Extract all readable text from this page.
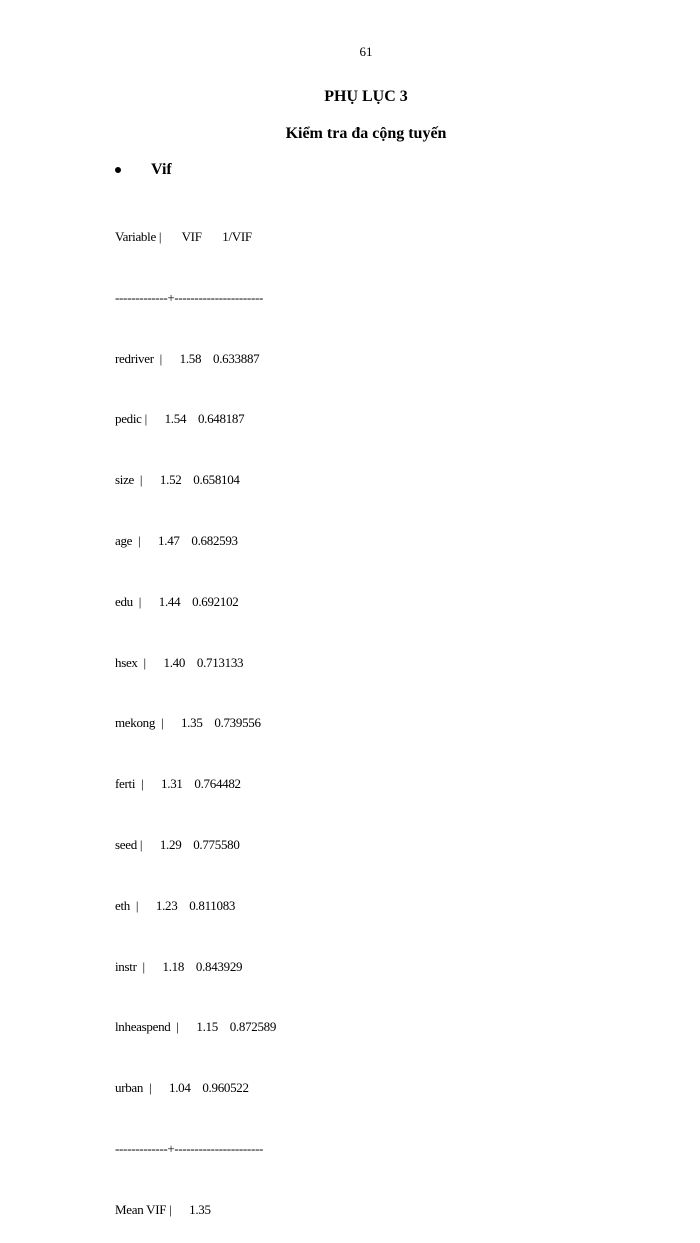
61
PHỤ LỤC 3
Kiểm tra đa cộng tuyến
Vif

Variable |       VIF       1/VIF

-------------+----------------------

redriver  |      1.58    0.633887

pedic |      1.54    0.648187

size  |      1.52    0.658104

age  |      1.47    0.682593

edu  |      1.44    0.692102

hsex  |      1.40    0.713133

mekong  |      1.35    0.739556

ferti  |      1.31    0.764482

seed |      1.29    0.775580

eth  |      1.23    0.811083

instr  |      1.18    0.843929

lnheaspend  |      1.15    0.872589

urban  |      1.04    0.960522

-------------+----------------------

Mean VIF |      1.35
